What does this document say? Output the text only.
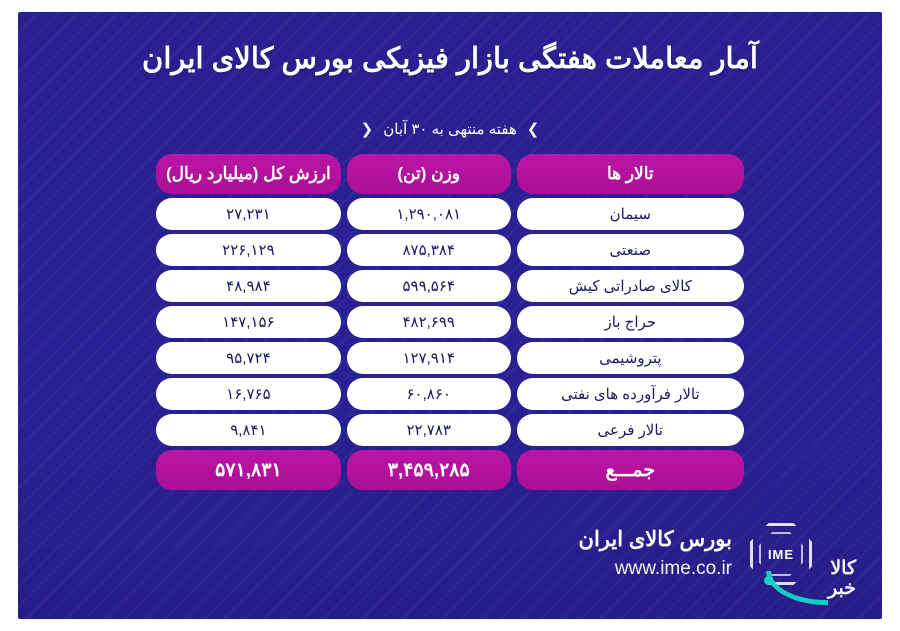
آمار معاملات هفتگی بازار فیزیکی بورس کالای ایران
❯
هفته منتهی به ۳۰ آبان
❮
تالار ها	وزن (تن)	ارزش کل (میلیارد ریال)
سیمان	۱,۲۹۰,۰۸۱	۲۷,۲۳۱
صنعتی	۸۷۵,۳۸۴	۲۲۶,۱۲۹
کالای صادراتی کیش	۵۹۹,۵۶۴	۴۸,۹۸۴
حراج باز	۴۸۲,۶۹۹	۱۴۷,۱۵۶
پتروشیمی	۱۲۷,۹۱۴	۹۵,۷۲۴
تالار فرآورده های نفتی	۶۰,۸۶۰	۱۶,۷۶۵
تالار فرعی	۲۲,۷۸۳	۹,۸۴۱
جمـــع	۳,۴۵۹,۲۸۵	۵۷۱,۸۳۱
IME
بورس کالای ایران
www.ime.co.ir	کالا
خبر
